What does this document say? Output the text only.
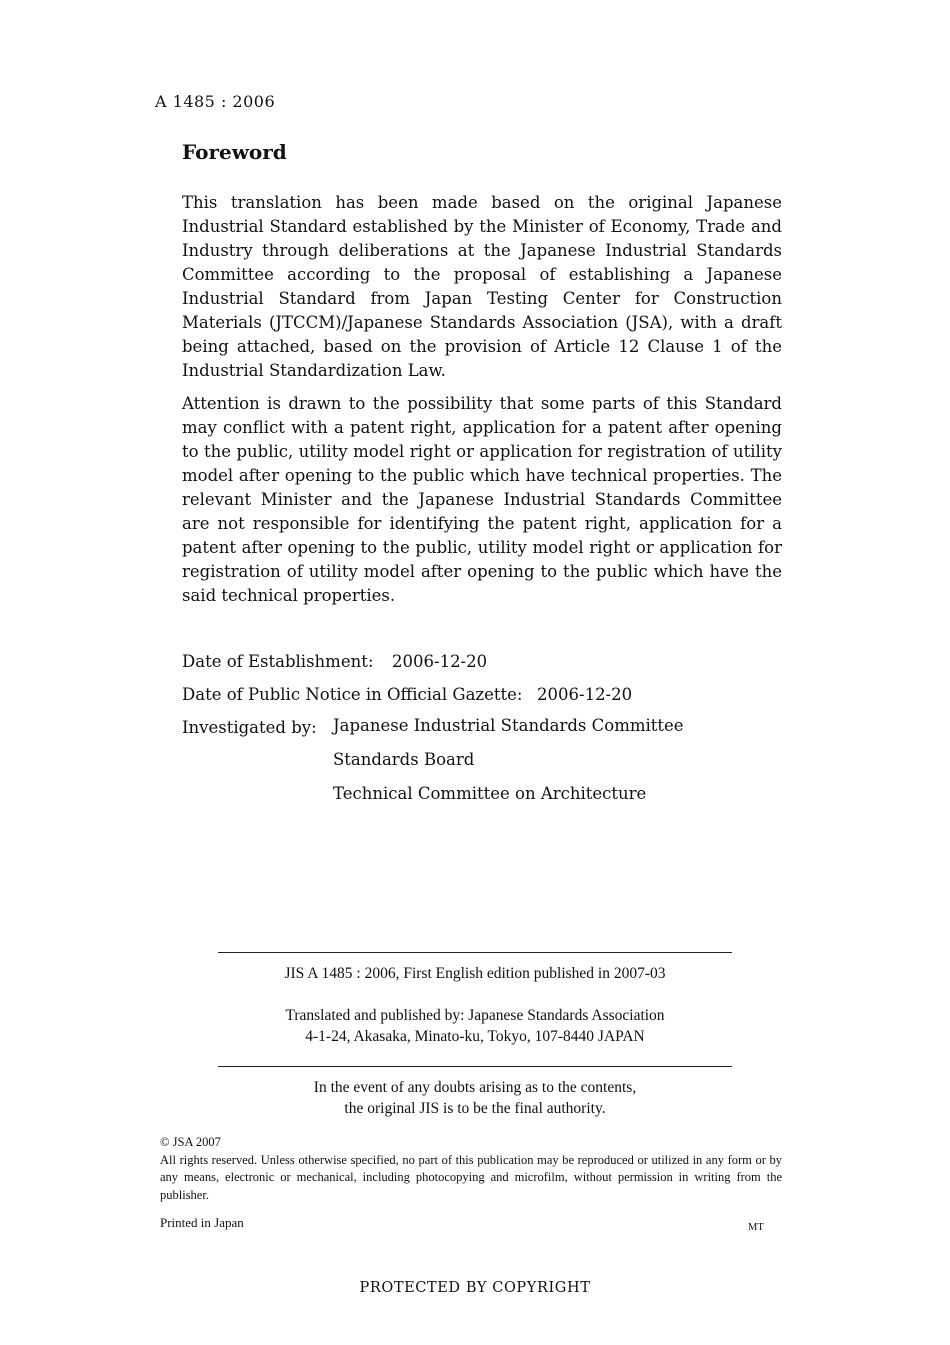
A 1485 : 2006
Foreword
This translation has been made based on the original Japanese Industrial Standard established by the Minister of Economy, Trade and Industry through deliberations at the Japanese Industrial Standards Committee according to the proposal of establishing a Japanese Industrial Standard from Japan Testing Center for Construction Materials (JTCCM)/Japanese Standards Association (JSA), with a draft being attached, based on the provision of Article 12 Clause 1 of the Industrial Standardization Law.
Attention is drawn to the possibility that some parts of this Standard may conflict with a patent right, application for a patent after opening to the public, utility model right or application for registration of utility model after opening to the public which have technical properties. The relevant Minister and the Japanese Industrial Standards Committee are not responsible for identifying the patent right, application for a patent after opening to the public, utility model right or application for registration of utility model after opening to the public which have the said technical properties.
Date of Establishment: 2006-12-20
Date of Public Notice in Official Gazette: 2006-12-20
Investigated by: Japanese Industrial Standards Committee
Standards Board
Technical Committee on Architecture
JIS A 1485 : 2006, First English edition published in 2007-03
Translated and published by: Japanese Standards Association
4-1-24, Akasaka, Minato-ku, Tokyo, 107-8440 JAPAN
In the event of any doubts arising as to the contents,
the original JIS is to be the final authority.
© JSA 2007
All rights reserved. Unless otherwise specified, no part of this publication may be reproduced or utilized in any form or by any means, electronic or mechanical, including photocopying and microfilm, without permission in writing from the publisher.
Printed in Japan	MT
PROTECTED BY COPYRIGHT
